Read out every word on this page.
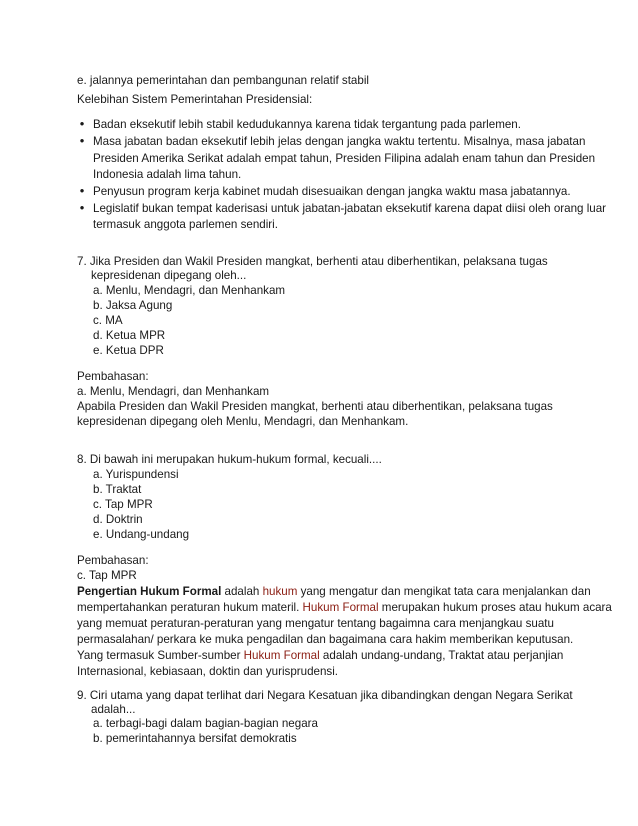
e. jalannya pemerintahan dan pembangunan relatif stabil
Kelebihan Sistem Pemerintahan Presidensial:
• Badan eksekutif lebih stabil kedudukannya karena tidak tergantung pada parlemen.
• Masa jabatan badan eksekutif lebih jelas dengan jangka waktu tertentu. Misalnya, masa jabatan
Presiden Amerika Serikat adalah empat tahun, Presiden Filipina adalah enam tahun dan Presiden
Indonesia adalah lima tahun.
• Penyusun program kerja kabinet mudah disesuaikan dengan jangka waktu masa jabatannya.
• Legislatif bukan tempat kaderisasi untuk jabatan-jabatan eksekutif karena dapat diisi oleh orang luar
termasuk anggota parlemen sendiri.
7. Jika Presiden dan Wakil Presiden mangkat, berhenti atau diberhentikan, pelaksana tugas
kepresidenan dipegang oleh...
a. Menlu, Mendagri, dan Menhankam
b. Jaksa Agung
c. MA
d. Ketua MPR
e. Ketua DPR
Pembahasan:
a. Menlu, Mendagri, dan Menhankam
Apabila Presiden dan Wakil Presiden mangkat, berhenti atau diberhentikan, pelaksana tugas
kepresidenan dipegang oleh Menlu, Mendagri, dan Menhankam.
8. Di bawah ini merupakan hukum-hukum formal, kecuali....
a. Yurispundensi
b. Traktat
c. Tap MPR
d. Doktrin
e. Undang-undang
Pembahasan:
c. Tap MPR
Pengertian Hukum Formal adalah hukum yang mengatur dan mengikat tata cara menjalankan dan
mempertahankan peraturan hukum materil. Hukum Formal merupakan hukum proses atau hukum acara
yang memuat peraturan-peraturan yang mengatur tentang bagaimna cara menjangkau suatu
permasalahan/ perkara ke muka pengadilan dan bagaimana cara hakim memberikan keputusan.
Yang termasuk Sumber-sumber Hukum Formal adalah undang-undang, Traktat atau perjanjian
Internasional, kebiasaan, doktin dan yurisprudensi.
9. Ciri utama yang dapat terlihat dari Negara Kesatuan jika dibandingkan dengan Negara Serikat
adalah...
a. terbagi-bagi dalam bagian-bagian negara
b. pemerintahannya bersifat demokratis
